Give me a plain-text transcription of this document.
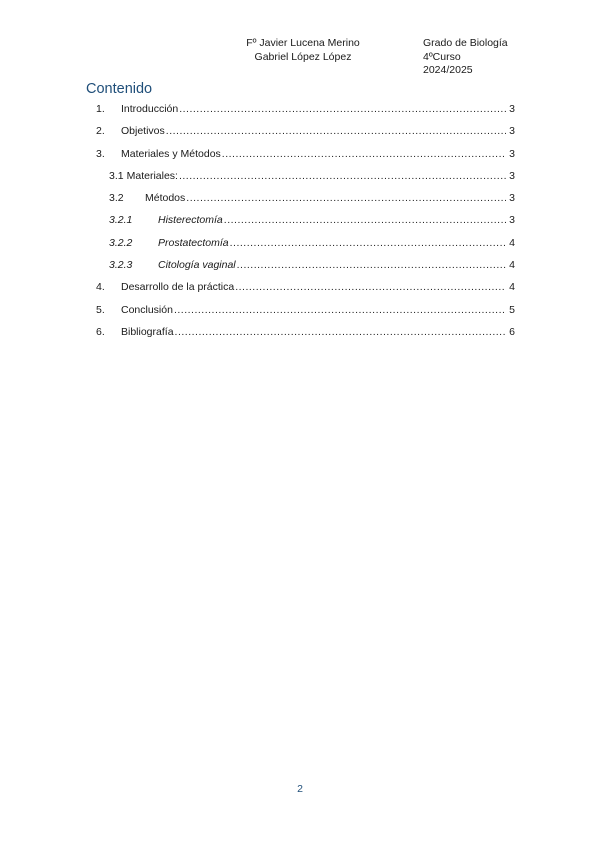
Fº Javier Lucena Merino
Gabriel López López
Grado de Biología
4ºCurso
2024/2025
Contenido
1.	Introducción .....	3
2.	Objetivos .....	3
3.	Materiales y Métodos .....	3
3.1 Materiales: .....	3
3.2	Métodos .....	3
3.2.1	Histerectomía .....	3
3.2.2	Prostatectomía .....	4
3.2.3	Citología vaginal .....	4
4.	Desarrollo de la práctica .....	4
5.	Conclusión .....	5
6.	Bibliografía .....	6
2
